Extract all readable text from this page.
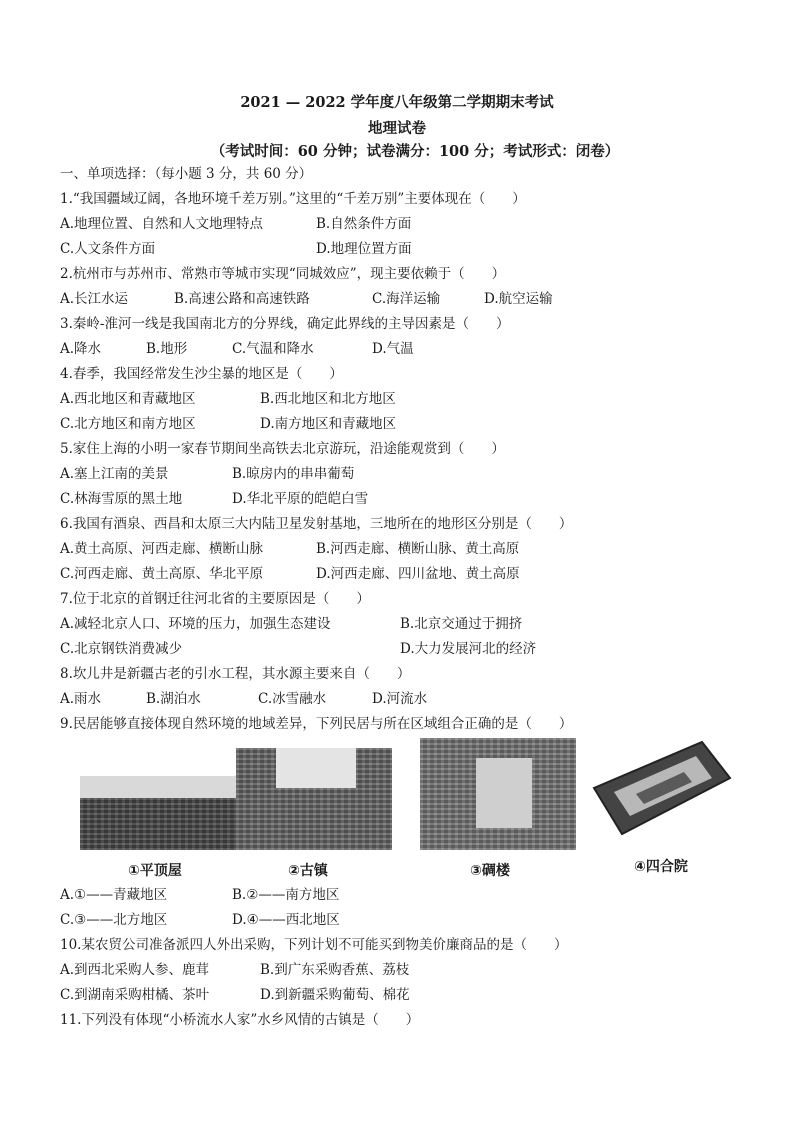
2021 — 2022 学年度八年级第二学期期末考试
地理试卷
（考试时间：60 分钟；试卷满分：100 分；考试形式：闭卷）
一、单项选择：（每小题 3 分，共 60 分）
1.“我国疆域辽阔，各地环境千差万别。”这里的“千差万别”主要体现在（　　）
A.地理位置、自然和人文地理特点	B.自然条件方面
C.人文条件方面	D.地理位置方面
2.杭州市与苏州市、常熟市等城市实现“同城效应”，现主要依赖于（　　）
A.长江水运	B.高速公路和高速铁路	C.海洋运输	D.航空运输
3.秦岭-淮河一线是我国南北方的分界线，确定此界线的主导因素是（　　）
A.降水	B.地形	C.气温和降水	D.气温
4.春季，我国经常发生沙尘暴的地区是（　　）
A.西北地区和青藏地区	B.西北地区和北方地区
C.北方地区和南方地区	D.南方地区和青藏地区
5.家住上海的小明一家春节期间坐高铁去北京游玩，沿途能观赏到（　　）
A.塞上江南的美景	B.晾房内的串串葡萄
C.林海雪原的黑土地	D.华北平原的皑皑白雪
6.我国有酒泉、西昌和太原三大内陆卫星发射基地，三地所在的地形区分别是（　　）
A.黄土高原、河西走廊、横断山脉	B.河西走廊、横断山脉、黄土高原
C.河西走廊、黄土高原、华北平原	D.河西走廊、四川盆地、黄土高原
7.位于北京的首钢迁往河北省的主要原因是（　　）
A.减轻北京人口、环境的压力，加强生态建设	B.北京交通过于拥挤
C.北京钢铁消费减少	D.大力发展河北的经济
8.坎儿井是新疆古老的引水工程，其水源主要来自（　　）
A.雨水	B.湖泊水	C.冰雪融水	D.河流水
9.民居能够直接体现自然环境的地域差异，下列民居与所在区域组合正确的是（　　）
①平顶屋	②古镇	③碉楼	④四合院
A.①——青藏地区	B.②——南方地区
C.③——北方地区	D.④——西北地区
10.某农贸公司准备派四人外出采购，下列计划不可能买到物美价廉商品的是（　　）
A.到西北采购人参、鹿茸	B.到广东采购香蕉、荔枝
C.到湖南采购柑橘、茶叶	D.到新疆采购葡萄、棉花
11.下列没有体现“小桥流水人家”水乡风情的古镇是（　　）
